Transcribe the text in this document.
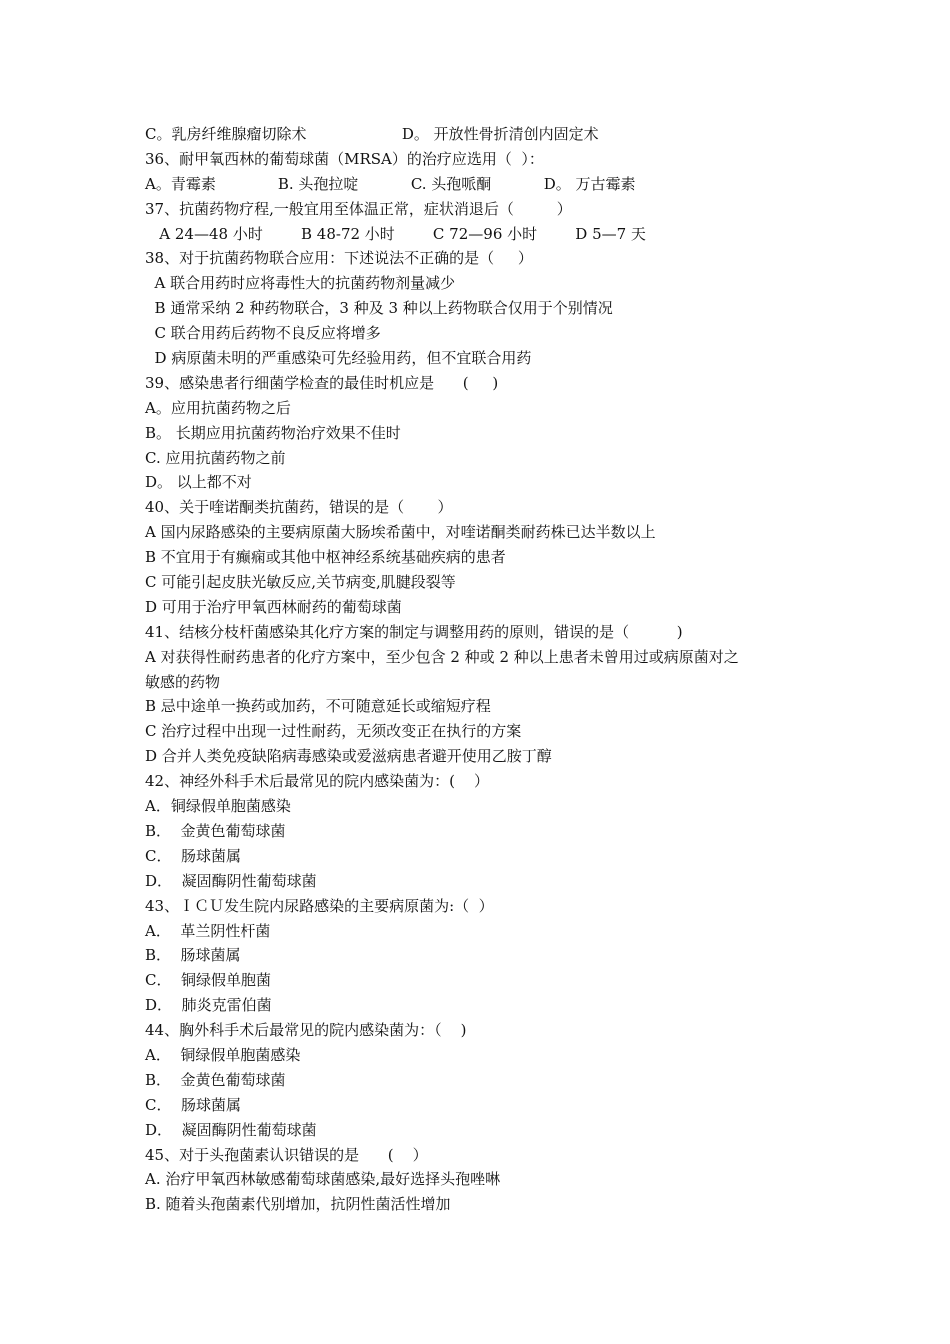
C。乳房纤维腺瘤切除术                    D。 开放性骨折清创内固定术
36、耐甲氧西林的葡萄球菌（MRSA）的治疗应选用（  ）：
A。青霉素             B. 头孢拉啶           C. 头孢哌酮           D。 万古霉素
37、抗菌药物疗程,一般宜用至体温正常，症状消退后（         ）
A 24—48 小时        B 48-72 小时        C 72—96 小时        D 5—7 天
38、对于抗菌药物联合应用：下述说法不正确的是（     ）
A 联合用药时应将毒性大的抗菌药物剂量减少
B 通常采纳 2 种药物联合，3 种及 3 种以上药物联合仅用于个别情况
C 联合用药后药物不良反应将增多
D 病原菌未明的严重感染可先经验用药，但不宜联合用药
39、感染患者行细菌学检查的最佳时机应是      (     )
A。应用抗菌药物之后
B。 长期应用抗菌药物治疗效果不佳时
C. 应用抗菌药物之前
D。 以上都不对
40、关于喹诺酮类抗菌药，错误的是（       ）
A 国内尿路感染的主要病原菌大肠埃希菌中，对喹诺酮类耐药株已达半数以上
B 不宜用于有癫痫或其他中枢神经系统基础疾病的患者
C 可能引起皮肤光敏反应,关节病变,肌腱段裂等
D 可用于治疗甲氧西林耐药的葡萄球菌
41、结核分枝杆菌感染其化疗方案的制定与调整用药的原则，错误的是（          )
A 对获得性耐药患者的化疗方案中，至少包含 2 种或 2 种以上患者未曾用过或病原菌对之
敏感的药物
B 忌中途单一换药或加药，不可随意延长或缩短疗程
C 治疗过程中出现一过性耐药，无须改变正在执行的方案
D 合并人类免疫缺陷病毒感染或爱滋病患者避开使用乙胺丁醇
42、神经外科手术后最常见的院内感染菌为：(    ）
A．铜绿假单胞菌感染
B．  金黄色葡萄球菌
C．  肠球菌属
D．  凝固酶阴性葡萄球菌
43、ＩＣＵ发生院内尿路感染的主要病原菌为:（  ）
A．  革兰阴性杆菌
B．  肠球菌属
C．  铜绿假单胞菌
D．  肺炎克雷伯菌
44、胸外科手术后最常见的院内感染菌为：（    )
A．  铜绿假单胞菌感染
B．  金黄色葡萄球菌
C．  肠球菌属
D．  凝固酶阴性葡萄球菌
45、对于头孢菌素认识错误的是      (    ）
A. 治疗甲氧西林敏感葡萄球菌感染,最好选择头孢唑啉
B. 随着头孢菌素代别增加，抗阴性菌活性增加
